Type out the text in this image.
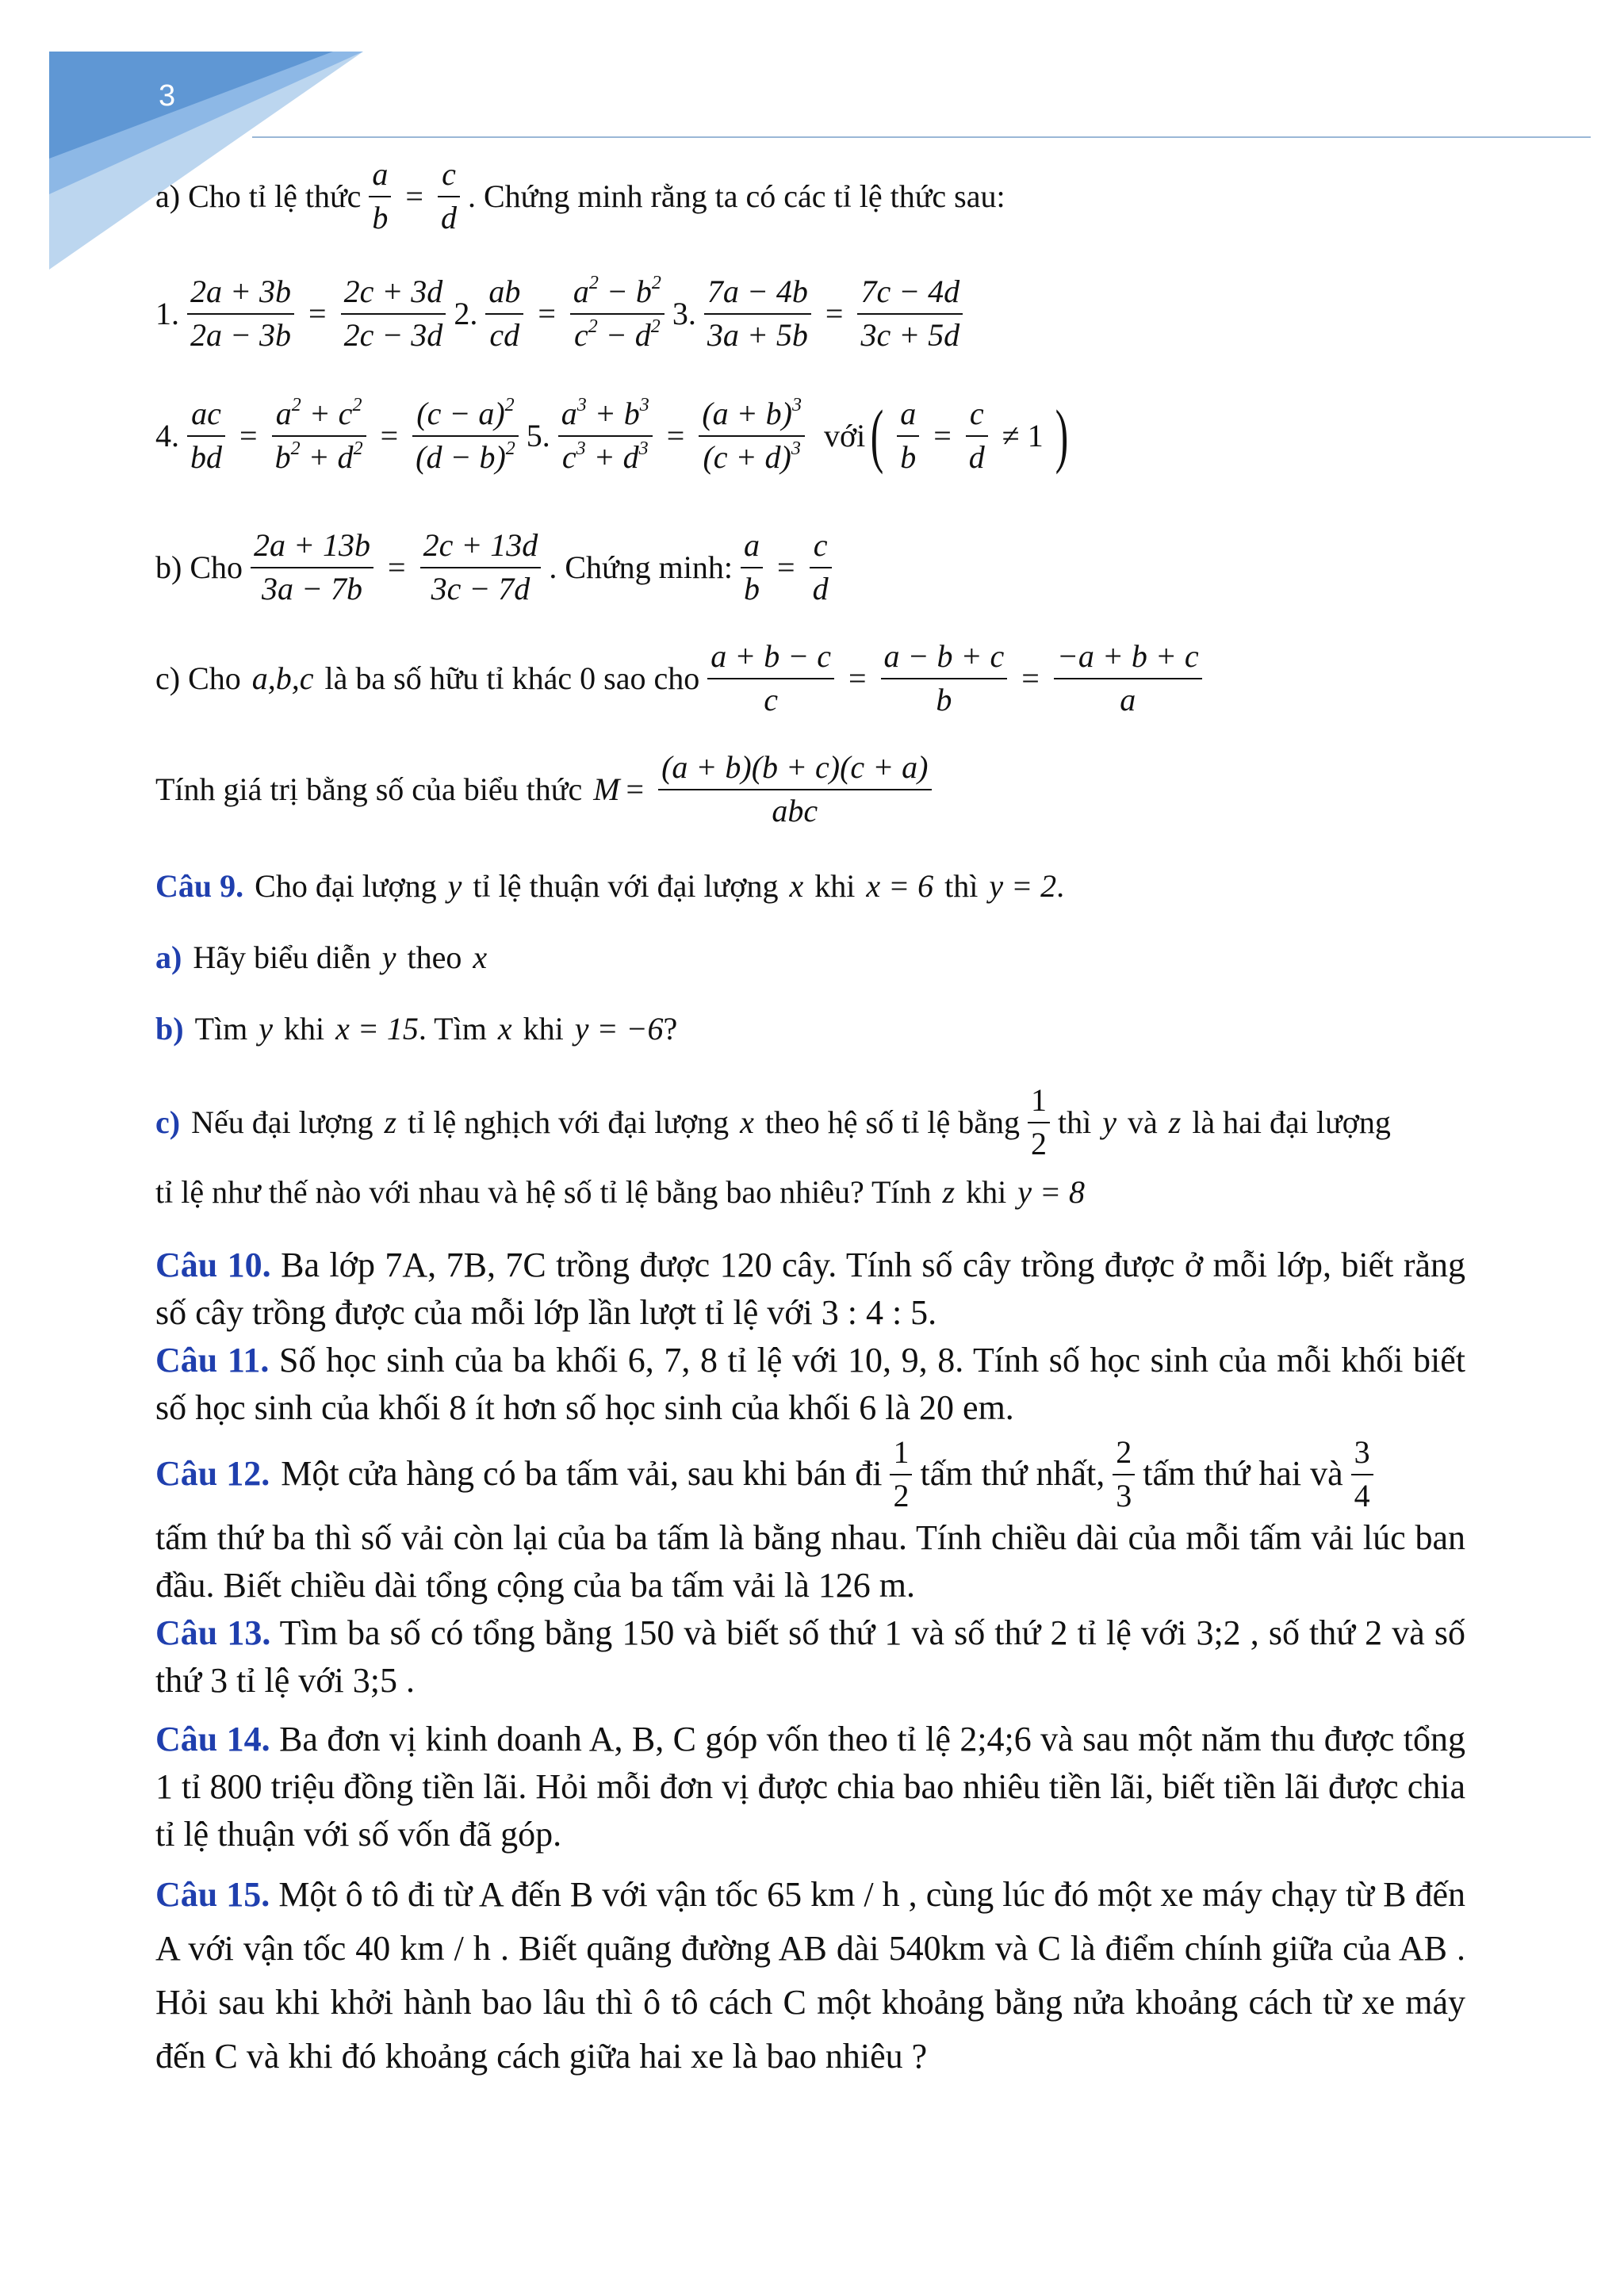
3
a) Cho tỉ lệ thức $\frac{a}{b} = \frac{c}{d}$ . Chứng minh rằng ta có các tỉ lệ thức sau:
1. $\frac{2a + 3b}{2a - 3b} = \frac{2c + 3d}{2c - 3d} 2$. $\frac{ab}{cd} = \frac{a^2 - b^2}{c^2 - d^2} 3$. $\frac{7a - 4b}{3a + 5b} = \frac{7c - 4d}{3c + 5d}$
4. $\frac{ac}{bd} = \frac{a^2 + c^2}{b^2 + d^2} = \frac{(c - a)^2}{(d - b)^2} 5$. $\frac{a^3 + b^3}{c^3 + d^3} = \frac{(a + b)^3}{(c + d)^3}$ với ( $\frac{a}{b} = \frac{c}{d} \ne 1$ )
b) Cho $\frac{2a + 13b}{3a - 7b} = \frac{2c + 13d}{3c - 7d}$ . Chứng minh: $\frac{a}{b} = \frac{c}{d}$
c) Cho a,b,c là ba số hữu tỉ khác 0 sao cho $\frac{a + b - c}{c} = \frac{a - b + c}{b} = \frac{-a + b + c}{a}$
Tính giá trị bằng số của biểu thức $M = \frac{(a + b)(b + c)(c + a)}{\text{abc}}$
Câu 9. Cho đại lượng y tỉ lệ thuận với đại lượng x khi x = 6 thì y = 2 .
a) Hãy biểu diễn y theo x
b) Tìm y khi x = 15 . Tìm x khi y = −6 ?
c) Nếu đại lượng z tỉ lệ nghịch với đại lượng x theo hệ số tỉ lệ bằng $\frac{1}{2}$ thì y và z là hai đại lượng
tỉ lệ như thế nào với nhau và hệ số tỉ lệ bằng bao nhiêu? Tính z khi y = 8

Câu 10. Ba lớp 7A, 7B, 7C trồng được 120 cây. Tính số cây trồng được ở mỗi lớp, biết rằng số cây trồng được của mỗi lớp lần lượt tỉ lệ với 3 : 4 : 5.

Câu 11. Số học sinh của ba khối 6, 7, 8 tỉ lệ với 10, 9, 8. Tính số học sinh của mỗi khối biết số học sinh của khối 8 ít hơn số học sinh của khối 6 là 20 em.

Câu 12. Một cửa hàng có ba tấm vải, sau khi bán đi $\frac{1}{2}$ tấm thứ nhất, $\frac{2}{3}$ tấm thứ hai và $\frac{3}{4}$

tấm thứ ba thì số vải còn lại của ba tấm là bằng nhau. Tính chiều dài của mỗi tấm vải lúc ban đầu. Biết chiều dài tổng cộng của ba tấm vải là 126 m.

Câu 13. Tìm ba số có tổng bằng 150 và biết số thứ 1 và số thứ 2 tỉ lệ với 3;2 , số thứ 2 và số thứ 3 tỉ lệ với 3;5 .

Câu 14. Ba đơn vị kinh doanh A, B, C góp vốn theo tỉ lệ 2;4;6 và sau một năm thu được tổng 1 tỉ 800 triệu đồng tiền lãi. Hỏi mỗi đơn vị được chia bao nhiêu tiền lãi, biết tiền lãi được chia tỉ lệ thuận với số vốn đã góp.

Câu 15. Một ô tô đi từ A đến B với vận tốc 65 km / h , cùng lúc đó một xe máy chạy từ B đến A với vận tốc 40 km / h . Biết quãng đường AB dài 540km và C là điểm chính giữa của AB . Hỏi sau khi khởi hành bao lâu thì ô tô cách C một khoảng bằng nửa khoảng cách từ xe máy đến C và khi đó khoảng cách giữa hai xe là bao nhiêu ?
